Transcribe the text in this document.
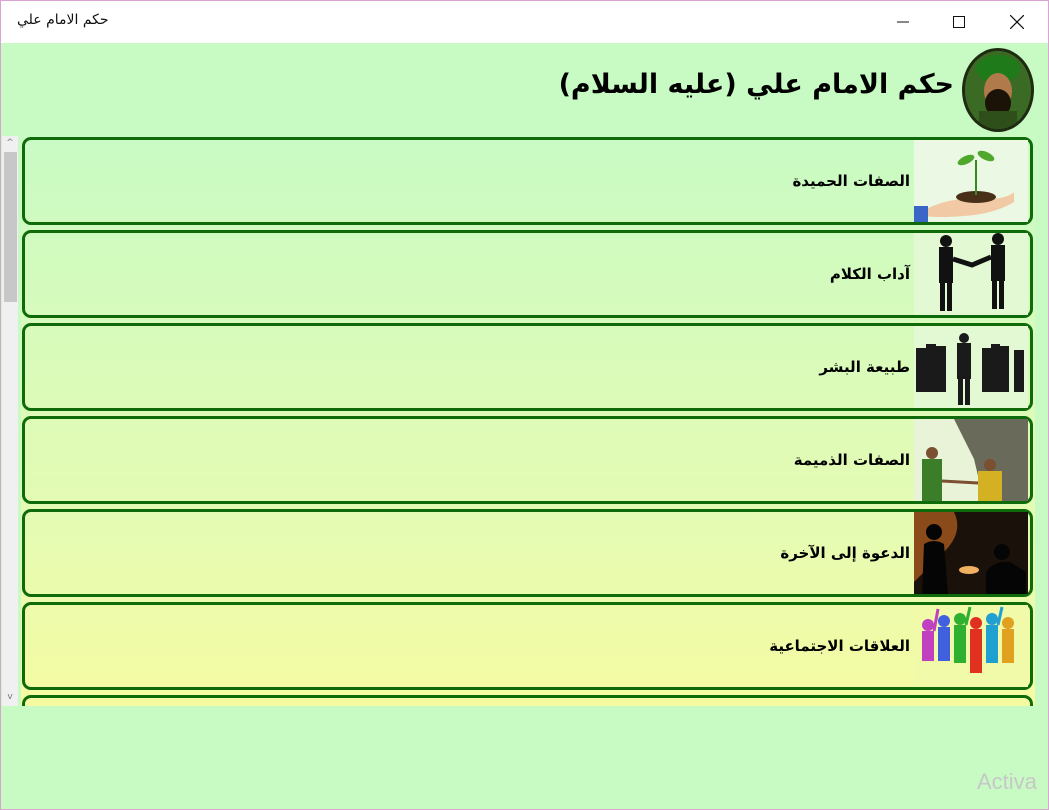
حكم الامام علي
حكم الامام علي (عليه السلام)
^
v
الصفات الحميدة
آداب الكلام
طبيعة البشر
الصفات الذميمة
الدعوة إلى الآخرة
العلاقات الاجتماعية
Activa
